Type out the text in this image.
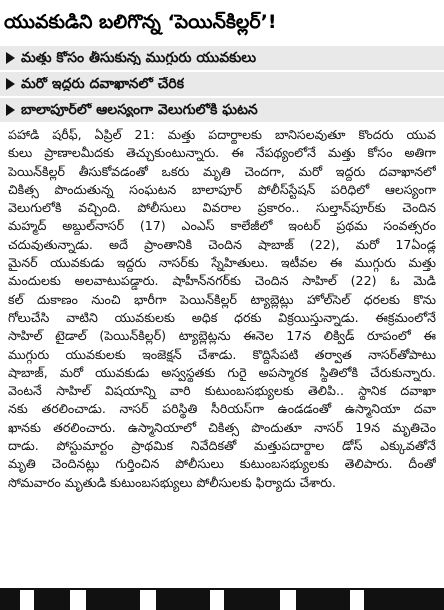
యువకుడిని బలిగొన్న ‘పెయిన్‌కిల్లర్’!
మత్తు కోసం తీసుకున్న ముగ్గురు యువకులు
మరో ఇద్దరు దవాఖానలో చేరిక
బాలాపూర్‌లో ఆలస్యంగా వెలుగులోకి ఘటన
పహాడి షరీఫ్, ఏప్రిల్ 21: మత్తు పదార్థాలకు బానిసలవుతూ కొందరు యువ
కులు ప్రాణాలమీదకు తెచ్చుకుంటున్నారు. ఈ నేపథ్యంలోనే మత్తు కోసం అతిగా
పెయిన్‌కిల్లర్ తీసుకోవడంతో ఒకరు మృతి చెందగా, మరో ఇద్దరు దవాఖానలో
చికిత్స పొందుతున్న సంఘటన బాలాపూర్ పోలీస్‌స్టేషన్ పరిధిలో ఆలస్యంగా
వెలుగులోకి వచ్చింది. పోలీసులు వివరాల ప్రకారం.. సుల్తాన్‌పూర్‌కు చెందిన
మహ్మద్ అబ్దుల్‌నాసర్ (17) ఎంఎస్ కాలేజీలో ఇంటర్ ప్రథమ సంవత్సరం
చదువుతున్నాడు. అదే ప్రాంతానికి చెందిన షాబాజ్ (22), మరో 17ఏండ్ల
మైనర్ యువకుడు ఇద్దరు నాసర్‌కు స్నేహితులు. ఇటీవల ఈ ముగ్గురు మత్తు
మందులకు అలవాటుపడ్డారు. షాహీన్‌నగర్‌కు చెందిన సాహిల్ (22) ఓ మెడి
కల్ దుకాణం నుంచి భారీగా పెయిన్‌కిల్లర్ ట్యాబ్లెట్లు హోల్‌సెల్ ధరలకు కొను
గోలుచేసి వాటిని యువకులకు అధిక ధరకు విక్రయిస్తున్నాడు. ఈక్రమంలోనే
సాహిల్ టైడాల్ (పెయిన్‌కిల్లర్) ట్యాబ్లెట్లను ఈనెల 17న లిక్విడ్ రూపంలో ఈ
ముగ్గురు యువకులకు ఇంజెక్షన్ చేశాడు. కొద్దిసేపటి తర్వాత నాసర్‌తోపాటు
షాబాజ్, మరో యువకుడు అస్వస్థతకు గురై అపస్మారక స్థితిలోకి చేరుకున్నారు.
వెంటనే సాహిల్ విషయాన్ని వారి కుటుంబసభ్యులకు తెలిపి.. స్థానిక దవాఖా
నకు తరలించాడు. నాసర్ పరిస్థితి సీరియస్‌గా ఉండడంతో ఉస్మానియా దవా
ఖానకు తరలించారు. ఉస్మానియాలో చికిత్స పొందుతూ నాసర్ 19న మృతిచెం
దాడు. పోస్టుమార్టం ప్రాథమిక నివేదికతో మత్తుపదార్థాల డోస్ ఎక్కువతోనే
మృతి చెందినట్లు గుర్తించిన పోలీసులు కుటుంబసభ్యులకు తెలిపారు. దీంతో
సోమవారం మృతుడి కుటుంబసభ్యులు పోలీసులకు ఫిర్యాదు చేశారు.
